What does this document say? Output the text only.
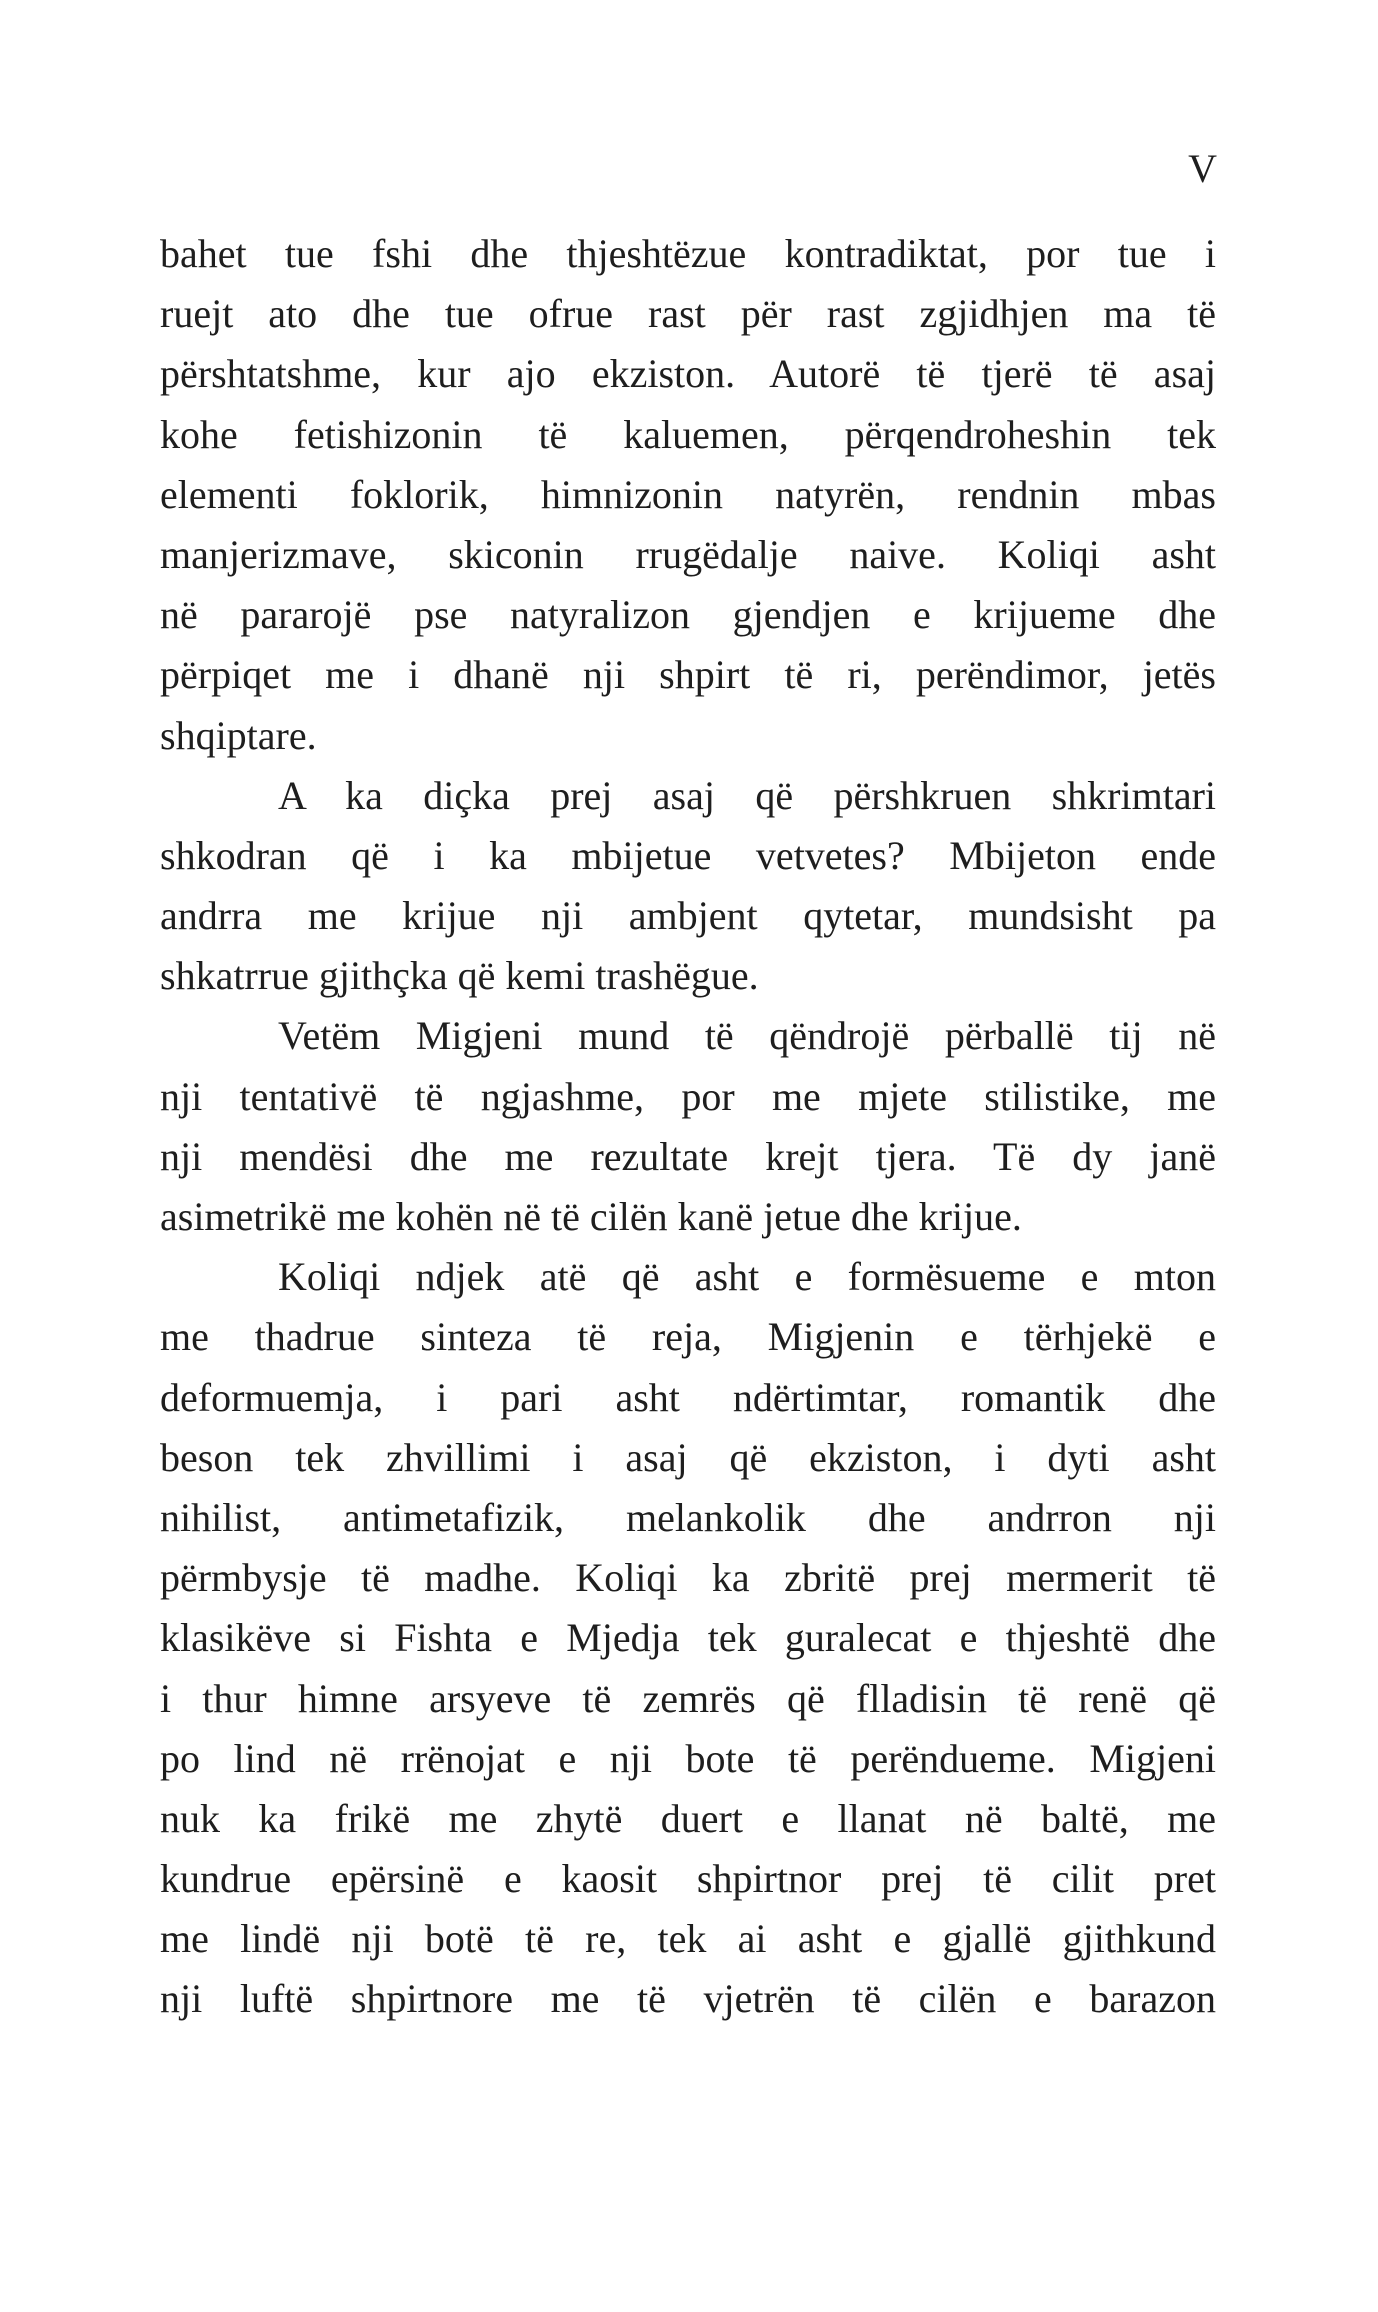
V
bahet tue fshi dhe thjeshtëzue kontradiktat, por tue i
ruejt ato dhe tue ofrue rast për rast zgjidhjen ma të
përshtatshme, kur ajo ekziston. Autorë të tjerë të asaj
kohe fetishizonin të kaluemen, përqendroheshin tek
elementi foklorik, himnizonin natyrën, rendnin mbas
manjerizmave, skiconin rrugëdalje naive. Koliqi asht
në pararojë pse natyralizon gjendjen e krijueme dhe
përpiqet me i dhanë nji shpirt të ri, perëndimor, jetës
shqiptare.
A ka diçka prej asaj që përshkruen shkrimtari
shkodran që i ka mbijetue vetvetes? Mbijeton ende
andrra me krijue nji ambjent qytetar, mundsisht pa
shkatrrue gjithçka që kemi trashëgue.
Vetëm Migjeni mund të qëndrojë përballë tij në
nji tentativë të ngjashme, por me mjete stilistike, me
nji mendësi dhe me rezultate krejt tjera. Të dy janë
asimetrikë me kohën në të cilën kanë jetue dhe krijue.
Koliqi ndjek atë që asht e formësueme e mton
me thadrue sinteza të reja, Migjenin e tërhjekë e
deformuemja, i pari asht ndërtimtar, romantik dhe
beson tek zhvillimi i asaj që ekziston, i dyti asht
nihilist, antimetafizik, melankolik dhe andrron nji
përmbysje të madhe. Koliqi ka zbritë prej mermerit të
klasikëve si Fishta e Mjedja tek guralecat e thjeshtë dhe
i thur himne arsyeve të zemrës që flladisin të renë që
po lind në rrënojat e nji bote të perëndueme. Migjeni
nuk ka frikë me zhytë duert e llanat në baltë, me
kundrue epërsinë e kaosit shpirtnor prej të cilit pret
me lindë nji botë të re, tek ai asht e gjallë gjithkund
nji luftë shpirtnore me të vjetrën të cilën e barazon
